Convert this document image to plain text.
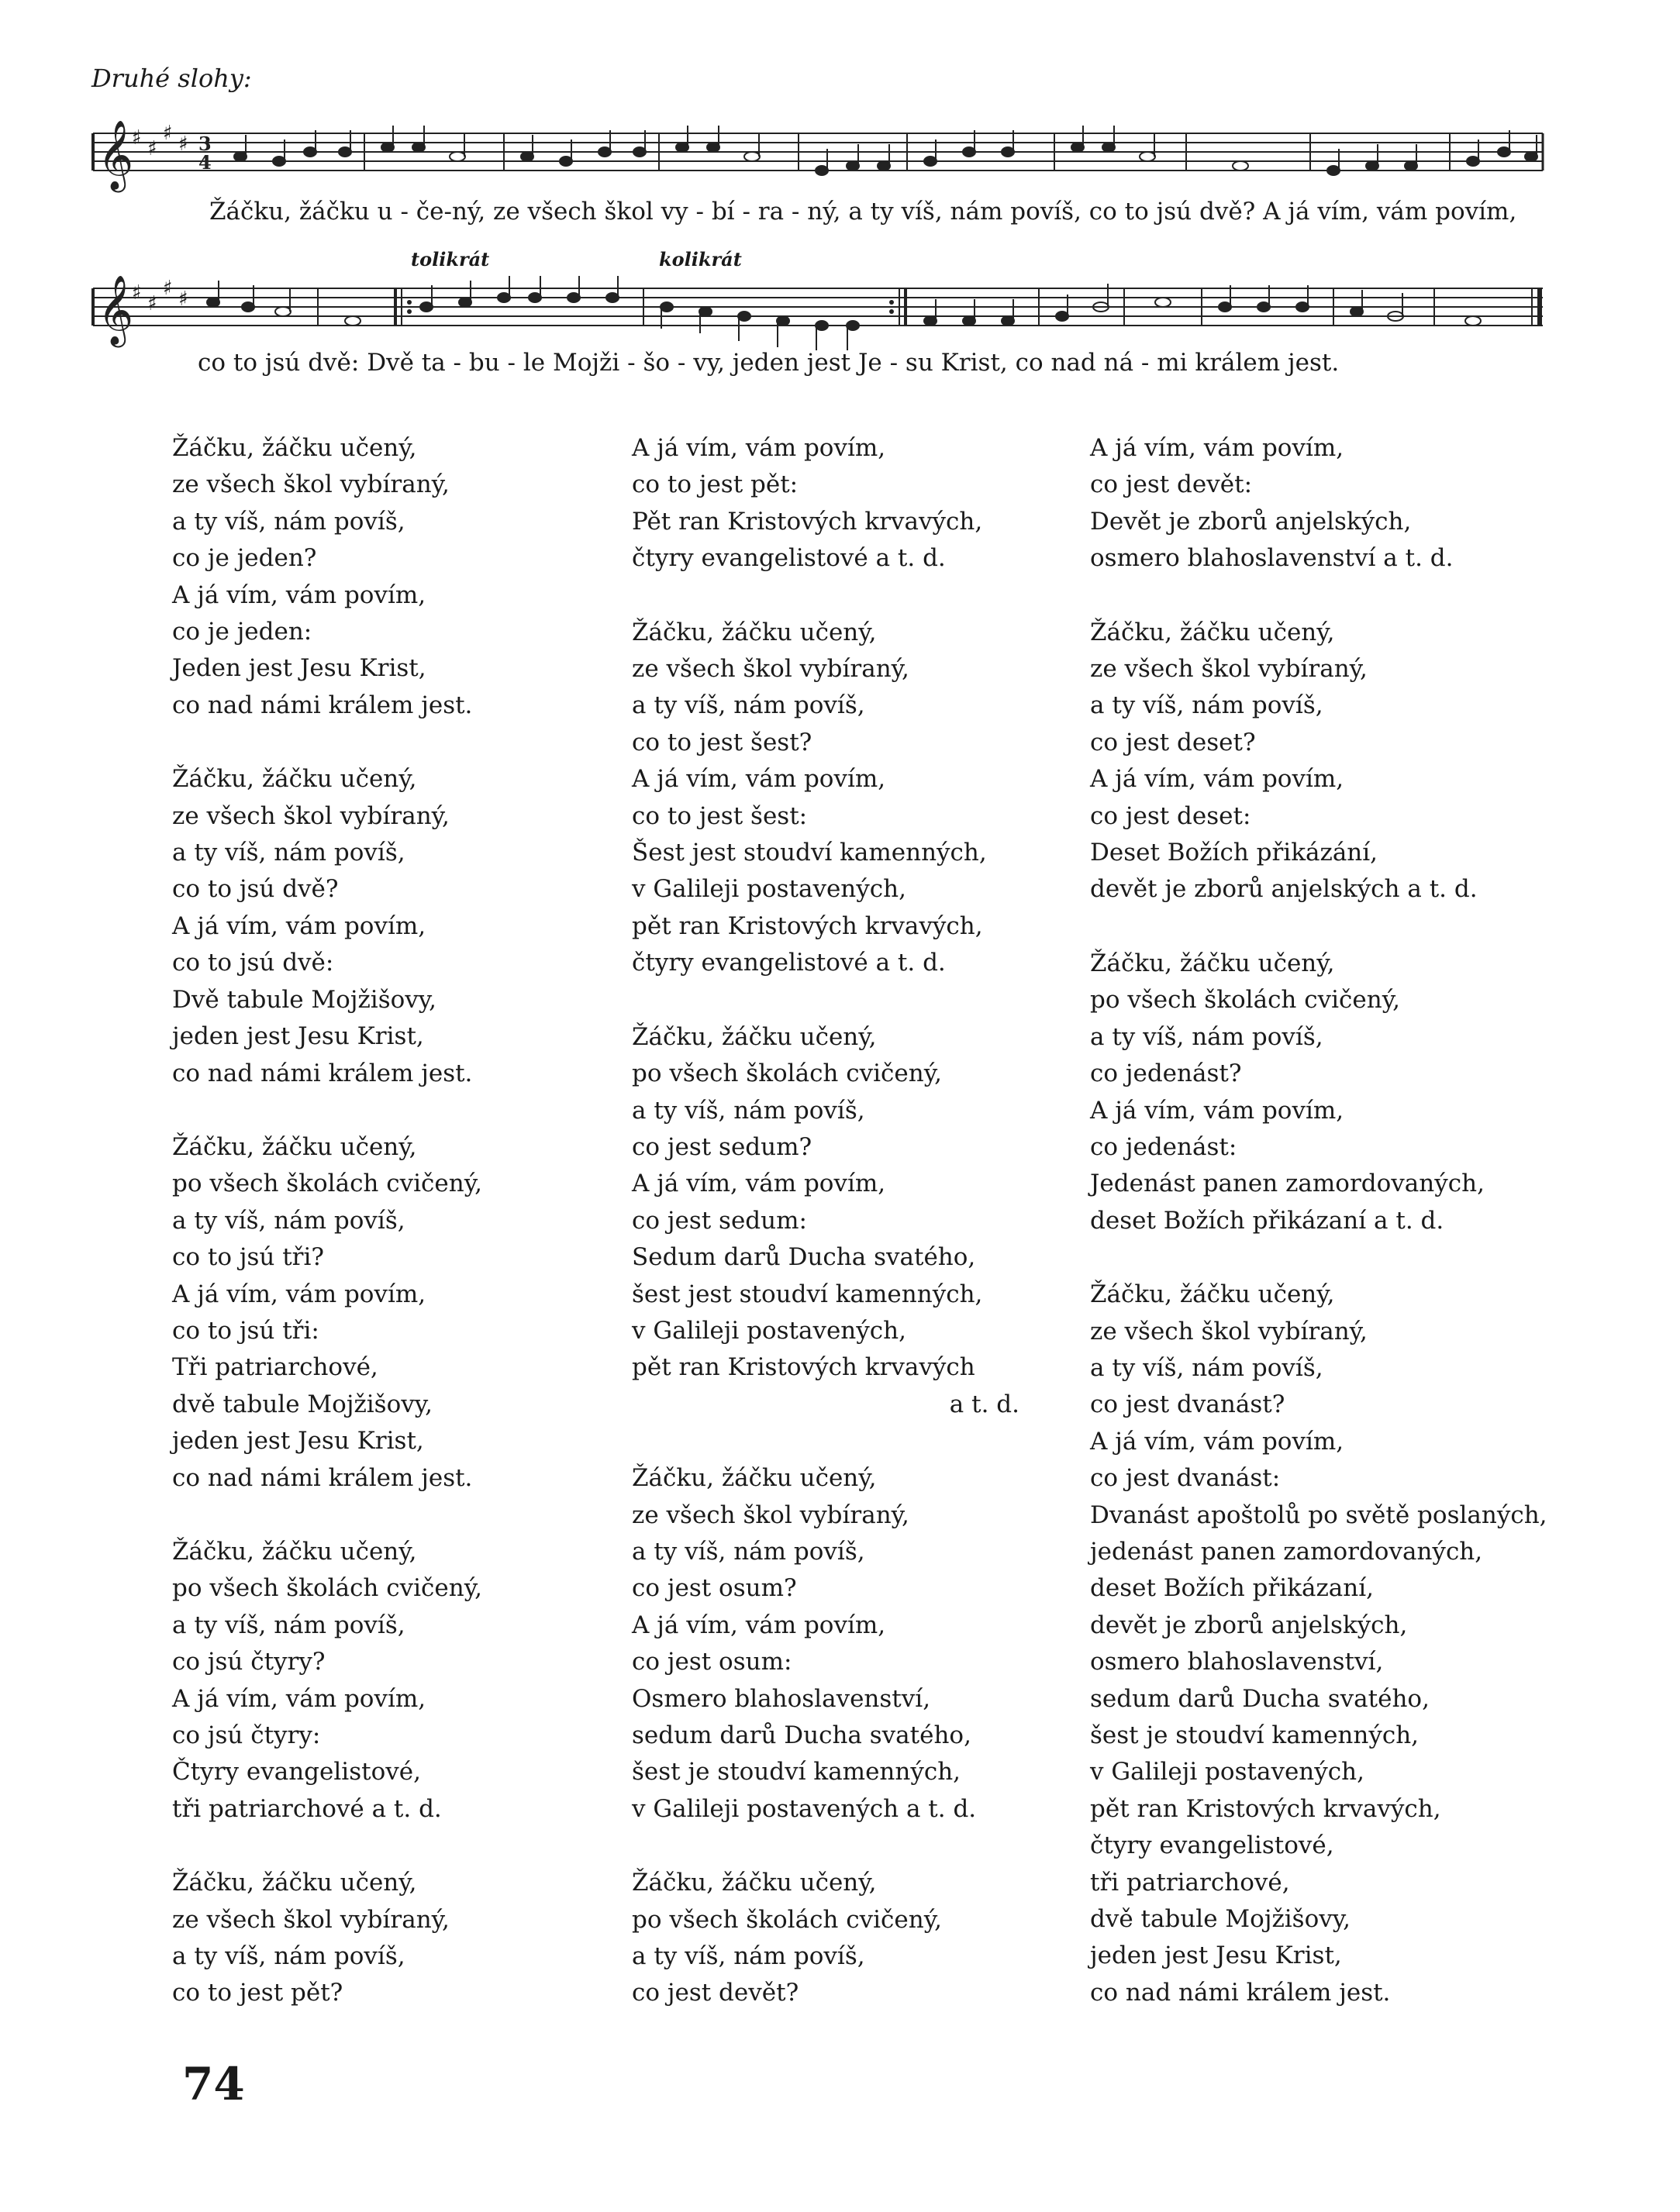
Druhé slohy:
𝄞
♯ ♯
♯ ♯ 3
4
Žáčku, žáčku u - če-ný, ze všech škol vy - bí - ra - ný, a ty víš, nám povíš, co to jsú dvě? A já vím, vám povím,
tolikrát	kolikrát
𝄞
♯ ♯
♯ ♯
co to jsú dvě: Dvě ta - bu - le Mojži - šo - vy, jeden jest Je - su Krist, co nad ná - mi králem jest.
Žáčku, žáčku učený,
ze všech škol vybíraný,
a ty víš, nám povíš,
co je jeden?
A já vím, vám povím,
co je jeden:
Jeden jest Jesu Krist,
co nad námi králem jest.
Žáčku, žáčku učený,
ze všech škol vybíraný,
a ty víš, nám povíš,
co to jsú dvě?
A já vím, vám povím,
co to jsú dvě:
Dvě tabule Mojžišovy,
jeden jest Jesu Krist,
co nad námi králem jest.
Žáčku, žáčku učený,
po všech školách cvičený,
a ty víš, nám povíš,
co to jsú tři?
A já vím, vám povím,
co to jsú tři:
Tři patriarchové,
dvě tabule Mojžišovy,
jeden jest Jesu Krist,
co nad námi králem jest.
Žáčku, žáčku učený,
po všech školách cvičený,
a ty víš, nám povíš,
co jsú čtyry?
A já vím, vám povím,
co jsú čtyry:
Čtyry evangelistové,
tři patriarchové a t. d.
Žáčku, žáčku učený,
ze všech škol vybíraný,
a ty víš, nám povíš,
co to jest pět?
A já vím, vám povím,
co to jest pět:
Pět ran Kristových krvavých,
čtyry evangelistové a t. d.
Žáčku, žáčku učený,
ze všech škol vybíraný,
a ty víš, nám povíš,
co to jest šest?
A já vím, vám povím,
co to jest šest:
Šest jest stoudví kamenných,
v Galileji postavených,
pět ran Kristových krvavých,
čtyry evangelistové a t. d.
Žáčku, žáčku učený,
po všech školách cvičený,
a ty víš, nám povíš,
co jest sedum?
A já vím, vám povím,
co jest sedum:
Sedum darů Ducha svatého,
šest jest stoudví kamenných,
v Galileji postavených,
pět ran Kristových krvavých
a t. d.
Žáčku, žáčku učený,
ze všech škol vybíraný,
a ty víš, nám povíš,
co jest osum?
A já vím, vám povím,
co jest osum:
Osmero blahoslavenství,
sedum darů Ducha svatého,
šest je stoudví kamenných,
v Galileji postavených a t. d.
Žáčku, žáčku učený,
po všech školách cvičený,
a ty víš, nám povíš,
co jest devět?
A já vím, vám povím,
co jest devět:
Devět je zborů anjelských,
osmero blahoslavenství a t. d.
Žáčku, žáčku učený,
ze všech škol vybíraný,
a ty víš, nám povíš,
co jest deset?
A já vím, vám povím,
co jest deset:
Deset Božích přikázání,
devět je zborů anjelských a t. d.
Žáčku, žáčku učený,
po všech školách cvičený,
a ty víš, nám povíš,
co jedenást?
A já vím, vám povím,
co jedenást:
Jedenást panen zamordovaných,
deset Božích přikázaní a t. d.
Žáčku, žáčku učený,
ze všech škol vybíraný,
a ty víš, nám povíš,
co jest dvanást?
A já vím, vám povím,
co jest dvanást:
Dvanást apoštolů po světě poslaných,
jedenást panen zamordovaných,
deset Božích přikázaní,
devět je zborů anjelských,
osmero blahoslavenství,
sedum darů Ducha svatého,
šest je stoudví kamenných,
v Galileji postavených,
pět ran Kristových krvavých,
čtyry evangelistové,
tři patriarchové,
dvě tabule Mojžišovy,
jeden jest Jesu Krist,
co nad námi králem jest.
74
